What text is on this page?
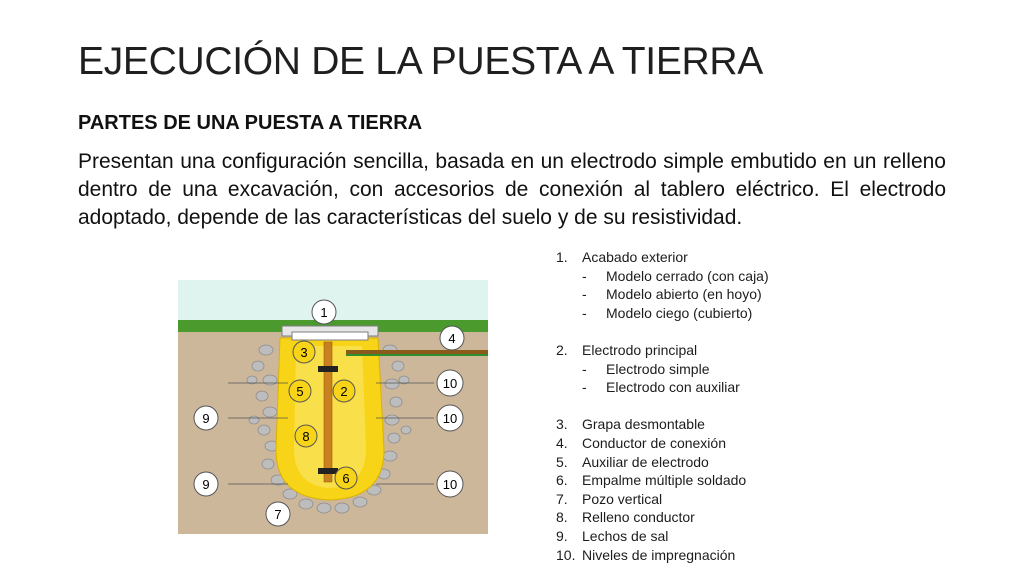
EJECUCIÓN DE LA PUESTA A TIERRA
PARTES DE UNA PUESTA A TIERRA
Presentan una configuración sencilla, basada en un electrodo simple embutido en un relleno dentro de una excavación, con accesorios de conexión al tablero eléctrico. El electrodo adoptado, depende de las características del suelo y de su resistividad.
1
2
3
4
5
6
7
8
9
9
10
10
10
1.	Acabado exterior
-	Modelo cerrado (con caja)
-	Modelo abierto (en hoyo)
-	Modelo ciego (cubierto)
2.	Electrodo principal
-	Electrodo simple
-	Electrodo con auxiliar
3.	Grapa desmontable
4.	Conductor de conexión
5.	Auxiliar de electrodo
6.	Empalme múltiple soldado
7.	Pozo vertical
8.	Relleno conductor
9.	Lechos de sal
10. Niveles de impregnación
